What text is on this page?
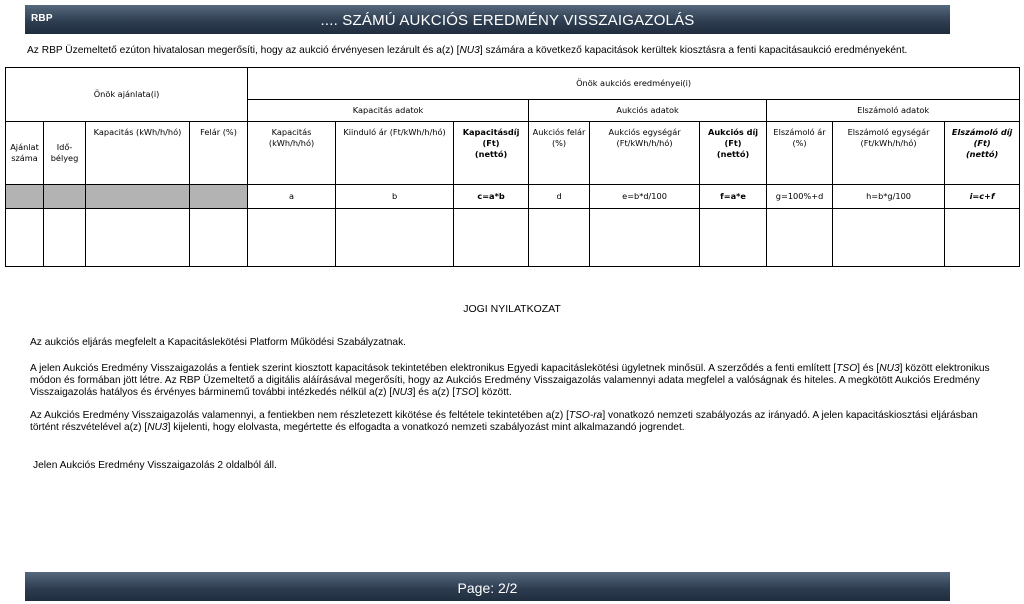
RBP	.... SZÁMÚ AUKCIÓS EREDMÉNY VISSZAIGAZOLÁS
Az RBP Üzemeltető ezúton hivatalosan megerősíti, hogy az aukció érvényesen lezárult és a(z) [NU3] számára a következő kapacitások kerültek kiosztásra a fenti kapacitásaukció eredményeként.
Önök ajánlata(i)				Önök aukciós eredményei(i)								
				Kapacitás adatok			Aukciós adatok			Elszámoló adatok		
Ajánlat száma	Idő-bélyeg	Kapacitás (kWh/h/hó)	Felár (%)	Kapacitás (kWh/h/hó)	Kiinduló ár (Ft/kWh/h/hó)	Kapacitásdíj
(Ft)
(nettó)	Aukciós felár (%)	Aukciós egységár (Ft/kWh/h/hó)	Aukciós díj
(Ft)
(nettó)	Elszámoló ár (%)	Elszámoló egységár (Ft/kWh/h/hó)	Elszámoló díj
(Ft)
(nettó)
				a	b	c=a*b	d	e=b*d/100	f=a*e	g=100%+d	h=b*g/100	i=c+f

JOGI NYILATKOZAT
Az aukciós eljárás megfelelt a Kapacitáslekötési Platform Működési Szabályzatnak.
A jelen Aukciós Eredmény Visszaigazolás a fentiek szerint kiosztott kapacitások tekintetében elektronikus Egyedi kapacitáslekötési ügyletnek minősül. A szerződés a fenti említett [TSO] és [NU3] között elektronikus módon és formában jött létre. Az RBP Üzemeltető a digitális aláírásával megerősíti, hogy az Aukciós Eredmény Visszaigazolás valamennyi adata megfelel a valóságnak és hiteles. A megkötött Aukciós Eredmény Visszaigazolás hatályos és érvényes bárminemű további intézkedés nélkül a(z) [NU3] és a(z) [TSO] között.
Az Aukciós Eredmény Visszaigazolás valamennyi, a fentiekben nem részletezett kikötése és feltétele tekintetében a(z) [TSO-ra] vonatkozó nemzeti szabályozás az irányadó. A jelen kapacitáskiosztási eljárásban történt részvételével a(z) [NU3] kijelenti, hogy elolvasta, megértette és elfogadta a vonatkozó nemzeti szabályozást mint alkalmazandó jogrendet.
Jelen Aukciós Eredmény Visszaigazolás 2 oldalból áll.
Page: 2/2
